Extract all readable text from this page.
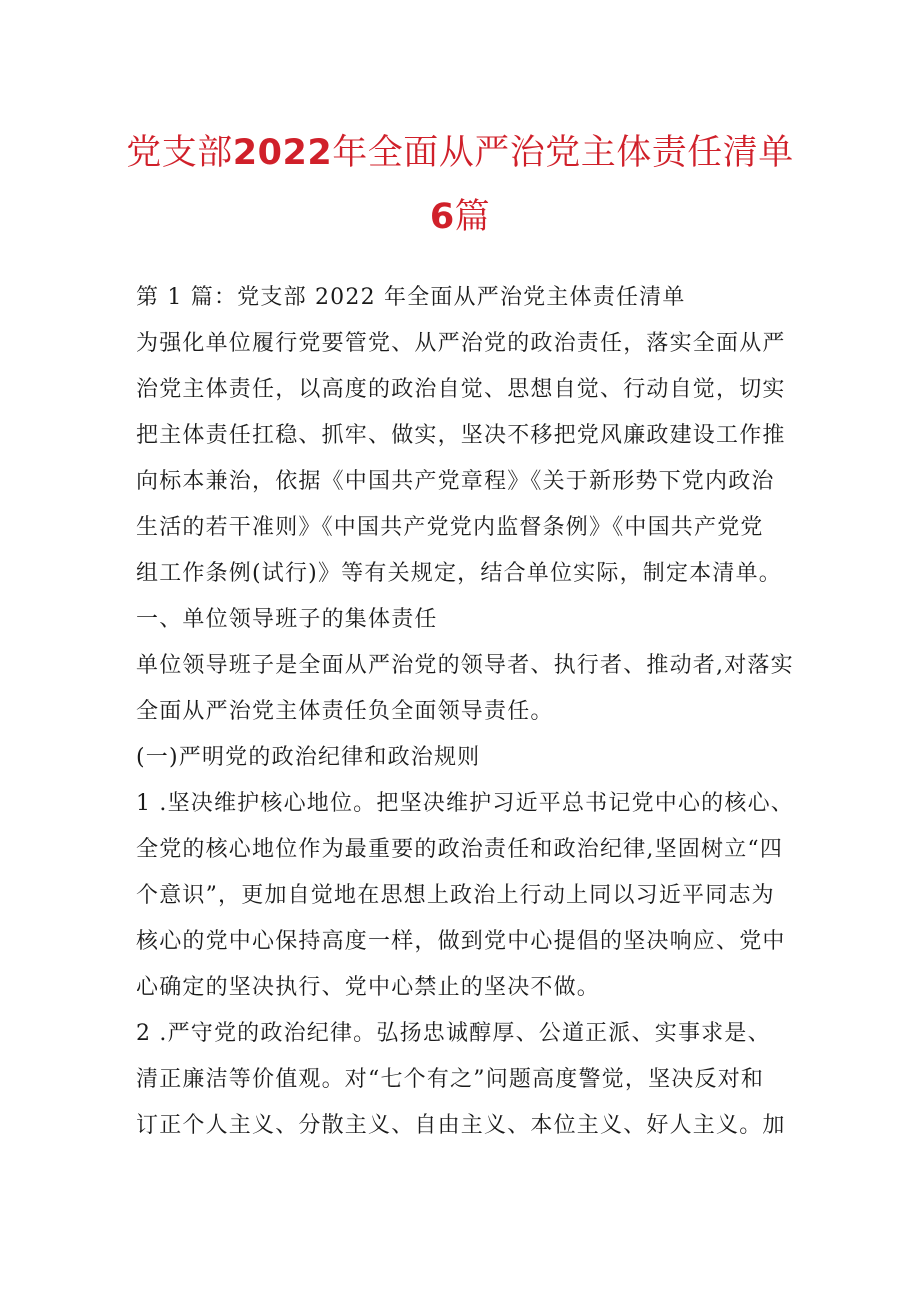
党支部2022年全面从严治党主体责任清单
6篇
第 1 篇：党支部 2022 年全面从严治党主体责任清单
为强化单位履行党要管党、从严治党的政治责任，落实全面从严
治党主体责任，以高度的政治自觉、思想自觉、行动自觉，切实
把主体责任扛稳、抓牢、做实，坚决不移把党风廉政建设工作推
向标本兼治，依据《中国共产党章程》《关于新形势下党内政治
生活的若干准则》《中国共产党党内监督条例》《中国共产党党
组工作条例(试行)》等有关规定，结合单位实际，制定本清单。
一、单位领导班子的集体责任
单位领导班子是全面从严治党的领导者、执行者、推动者,对落实
全面从严治党主体责任负全面领导责任。
(一)严明党的政治纪律和政治规则
1 .坚决维护核心地位。把坚决维护习近平总书记党中心的核心、
全党的核心地位作为最重要的政治责任和政治纪律,坚固树立“四
个意识”，更加自觉地在思想上政治上行动上同以习近平同志为
核心的党中心保持高度一样，做到党中心提倡的坚决响应、党中
心确定的坚决执行、党中心禁止的坚决不做。
2 .严守党的政治纪律。弘扬忠诚醇厚、公道正派、实事求是、
清正廉洁等价值观。对“七个有之”问题高度警觉，坚决反对和
订正个人主义、分散主义、自由主义、本位主义、好人主义。加
